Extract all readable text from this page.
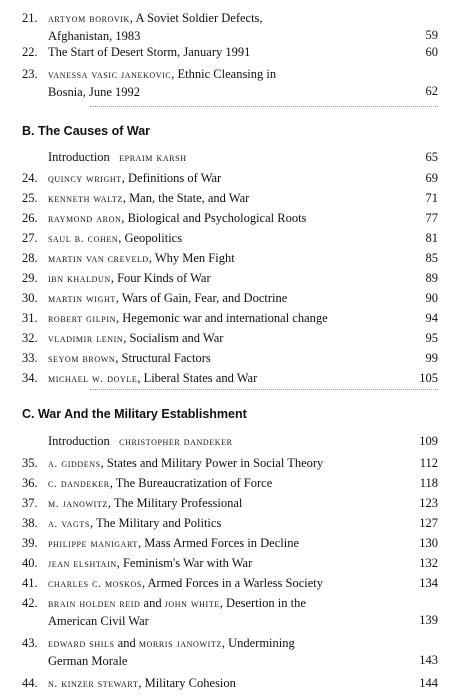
21. artyom borovik, A Soviet Soldier Defects,
Afghanistan, 1983	59
22. The Start of Desert Storm, January 1991	60
23. vanessa vasic janekovic, Ethnic Cleansing in
Bosnia, June 1992	62
B. The Causes of War
Introduction epraim karsh	65
24. quincy wright, Definitions of War	69
25. kenneth waltz, Man, the State, and War	71
26. raymond aron, Biological and Psychological Roots	77
27. saul b. cohen, Geopolitics	81
28. martin van creveld, Why Men Fight	85
29. ibn khaldun, Four Kinds of War	89
30. martin wight, Wars of Gain, Fear, and Doctrine	90
31. robert gilpin, Hegemonic war and international change	94
32. vladimir lenin, Socialism and War	95
33. seyom brown, Structural Factors	99
34. michael w. doyle, Liberal States and War	105
C. War And the Military Establishment
Introduction christopher dandeker	109
35. a. giddens, States and Military Power in Social Theory	112
36. c. dandeker, The Bureaucratization of Force	118
37. m. janowitz, The Military Professional	123
38. a. vagts, The Military and Politics	127
39. philippe manigart, Mass Armed Forces in Decline	130
40. jean elshtain, Feminism's War with War	132
41. charles c. moskos, Armed Forces in a Warless Society	134
42. brain holden reid and john white, Desertion in the
American Civil War	139
43. edward shils and morris janowitz, Undermining
German Morale	143
44. n. kinzer stewart, Military Cohesion	144
